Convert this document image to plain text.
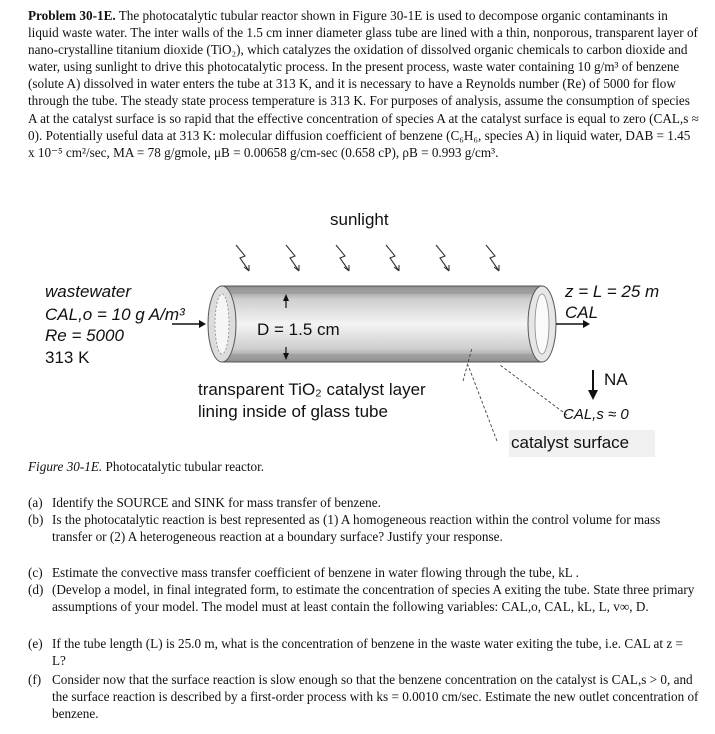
Problem 30-1E. The photocatalytic tubular reactor shown in Figure 30-1E is used to decompose organic contaminants in liquid waste water. The inter walls of the 1.5 cm inner diameter glass tube are lined with a thin, nonporous, transparent layer of nano-crystalline titanium dioxide (TiO₂), which catalyzes the oxidation of dissolved organic chemicals to carbon dioxide and water, using sunlight to drive this photocatalytic process. In the present process, waste water containing 10 g/m³ of benzene (solute A) dissolved in water enters the tube at 313 K, and it is necessary to have a Reynolds number (Re) of 5000 for flow through the tube. The steady state process temperature is 313 K. For purposes of analysis, assume the consumption of species A at the catalyst surface is so rapid that the effective concentration of species A at the catalyst surface is equal to zero (CAL,s ≈ 0). Potentially useful data at 313 K: molecular diffusion coefficient of benzene (C₆H₆, species A) in liquid water, DAB = 1.45 x 10⁻⁵ cm²/sec, MA = 78 g/gmole, μB = 0.00658 g/cm-sec (0.658 cP), ρB = 0.993 g/cm³.
sunlight
wastewater
CAL,o = 10 g A/m³
Re = 5000
313 K
D = 1.5 cm
z = L = 25 m
CAL
NA
CAL,s ≈ 0
catalyst surface
transparent TiO₂ catalyst layer
lining inside of glass tube
Figure 30-1E. Photocatalytic tubular reactor.
(a) Identify the SOURCE and SINK for mass transfer of benzene.
(b) Is the photocatalytic reaction is best represented as (1) A homogeneous reaction within the control volume for mass transfer or (2) A heterogeneous reaction at a boundary surface? Justify your response.
(c) Estimate the convective mass transfer coefficient of benzene in water flowing through the tube, kL .
(d) (Develop a model, in final integrated form, to estimate the concentration of species A exiting the tube. State three primary assumptions of your model. The model must at least contain the following variables: CAL,o, CAL, kL, L, v∞, D.
(e) If the tube length (L) is 25.0 m, what is the concentration of benzene in the waste water exiting the tube, i.e. CAL at z = L?
(f) Consider now that the surface reaction is slow enough so that the benzene concentration on the catalyst is CAL,s > 0, and the surface reaction is described by a first-order process with ks = 0.0010 cm/sec. Estimate the new outlet concentration of benzene.
